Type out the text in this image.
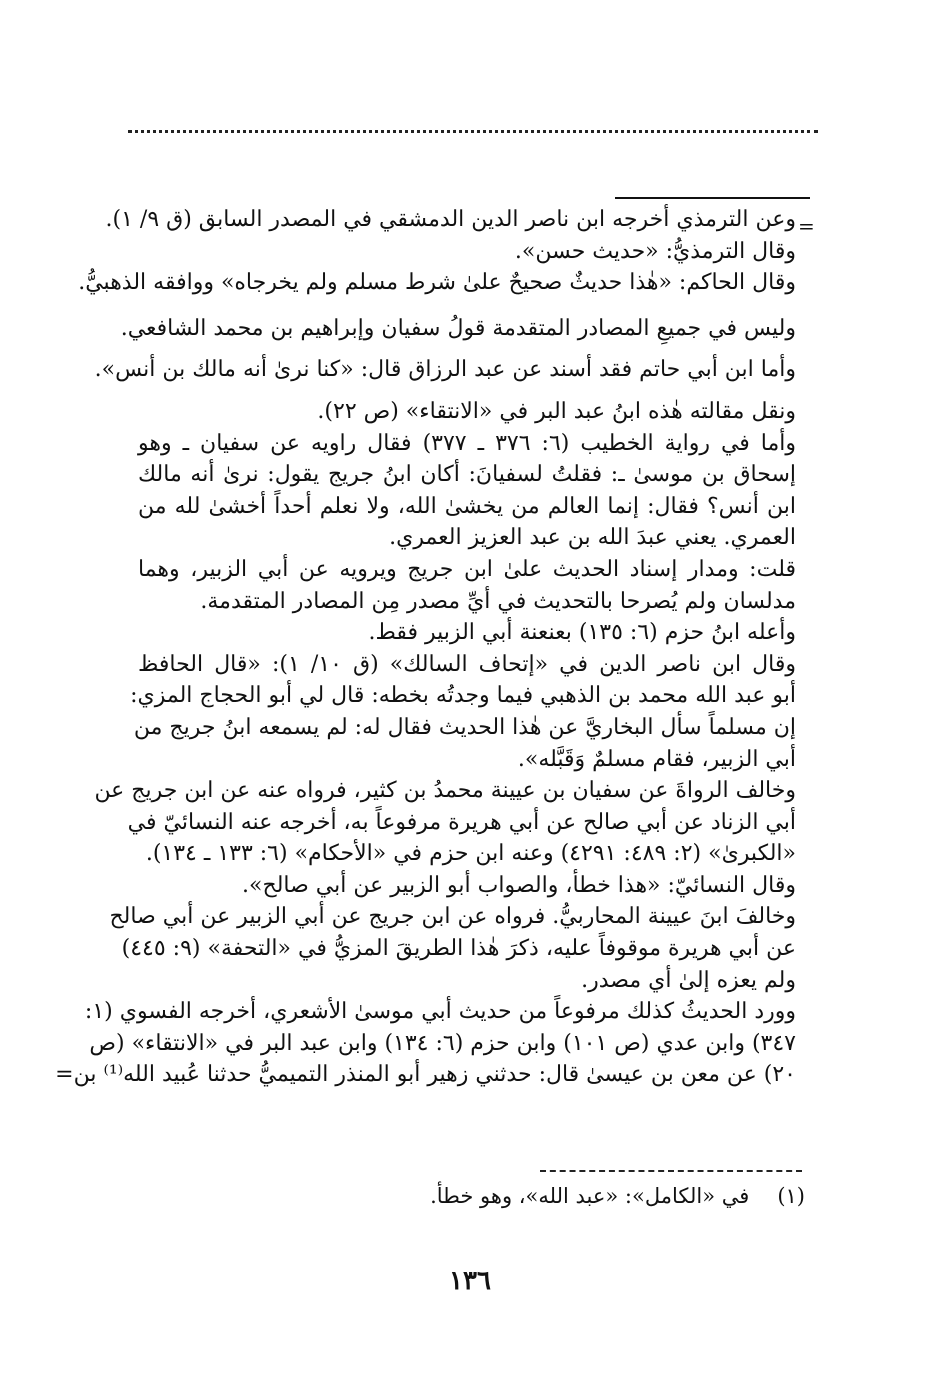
=
وعن الترمذي أخرجه ابن ناصر الدين الدمشقي في المصدر السابق (ق ٩/ ١).
وقال الترمذيُّ: «حديث حسن».
وقال الحاكم: «هٰذا حديثٌ صحيحٌ علىٰ شرط مسلم ولم يخرجاه» ووافقه الذهبيُّ.
وليس في جميعِ المصادر المتقدمة قولُ سفيان وإبراهيم بن محمد الشافعي.
وأما ابن أبي حاتم فقد أسند عن عبد الرزاق قال: «كنا نرىٰ أنه مالك بن أنس».
ونقل مقالته هٰذه ابنُ عبد البر في «الانتقاء» (ص ٢٢).
وأما في رواية الخطيب (٦: ٣٧٦ ـ ٣٧٧) فقال راويه عن سفيان ـ وهو
إسحاق بن موسىٰ ـ: فقلتُ لسفيانَ: أكان ابنُ جريج يقول: نرىٰ أنه مالك
ابن أنس؟ فقال: إنما العالم من يخشىٰ الله، ولا نعلم أحداً أخشىٰ لله من
العمري. يعني عبدَ الله بن عبد العزيز العمري.
قلت: ومدار إسناد الحديث علىٰ ابن جريج ويرويه عن أبي الزبير، وهما
مدلسان ولم يُصرحا بالتحديث في أيِّ مصدر مِن المصادر المتقدمة.
وأعله ابنُ حزم (٦: ١٣٥) بعنعنة أبي الزبير فقط.
وقال ابن ناصر الدين في «إتحاف السالك» (ق ١٠/ ١): «قال الحافظ
أبو عبد الله محمد بن الذهبي فيما وجدتُه بخطه: قال لي أبو الحجاج المزي:
إن مسلماً سأل البخاريَّ عن هٰذا الحديث فقال له: لم يسمعه ابنُ جريج من
أبي الزبير، فقام مسلمٌ وَقَبَّله».
وخالف الرواةَ عن سفيان بن عيينة محمدُ بن كثير، فرواه عنه عن ابن جريج عن
أبي الزناد عن أبي صالح عن أبي هريرة مرفوعاً به، أخرجه عنه النسائيّ في
«الكبرىٰ» (٢: ٤٨٩: ٤٢٩١) وعنه ابن حزم في «الأحكام» (٦: ١٣٣ ـ ١٣٤).
وقال النسائيّ: «هذا خطأ، والصواب أبو الزبير عن أبي صالح».
وخالفَ ابنَ عيينة المحاربيُّ. فرواه عن ابن جريج عن أبي الزبير عن أبي صالح
عن أبي هريرة موقوفاً عليه، ذكرَ هٰذا الطريقَ المزيُّ في «التحفة» (٩: ٤٤٥)
ولم يعزه إلىٰ أي مصدر.
وورد الحديثُ كذلك مرفوعاً من حديث أبي موسىٰ الأشعري، أخرجه الفسوي (١:
٣٤٧) وابن عدي (ص ١٠١) وابن حزم (٦: ١٣٤) وابن عبد البر في «الانتقاء» (ص
٢٠) عن معن بن عيسىٰ قال: حدثني زهير أبو المنذر التميميُّ حدثنا عُبيد الله⁽¹⁾ بن=
(١)في «الكامل»: «عبد الله»، وهو خطأ.
١٣٦
